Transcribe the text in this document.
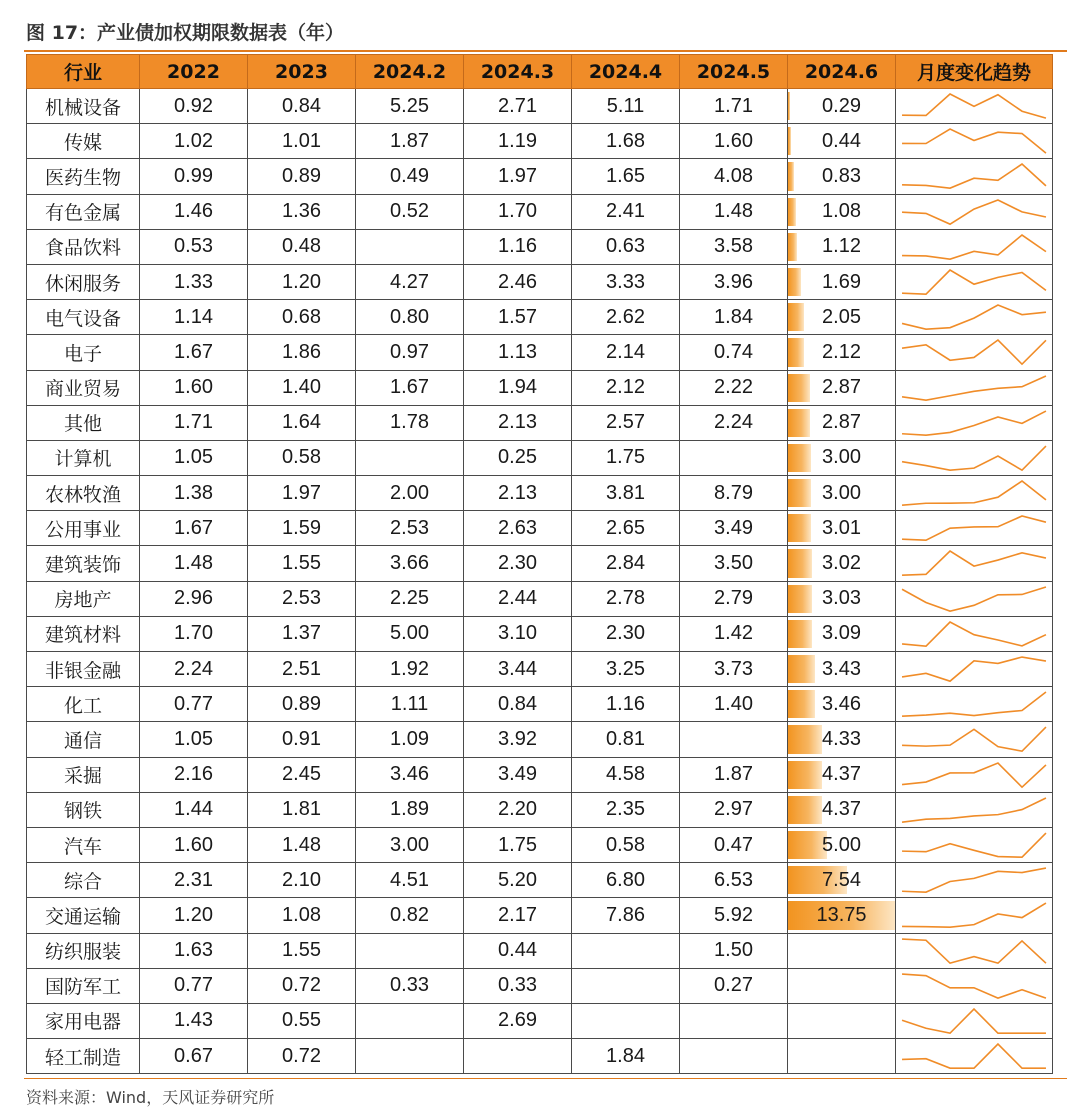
图 17：产业债加权期限数据表（年）
行业	2022	2023	2024.2	2024.3	2024.4	2024.5	2024.6	月度变化趋势
机械设备	0.92	0.84	5.25	2.71	5.11	1.71	0.29

传媒	1.02	1.01	1.87	1.19	1.68	1.60	0.44

医药生物	0.99	0.89	0.49	1.97	1.65	4.08	0.83

有色金属	1.46	1.36	0.52	1.70	2.41	1.48	1.08

食品饮料	0.53	0.48		1.16	0.63	3.58	1.12

休闲服务	1.33	1.20	4.27	2.46	3.33	3.96	1.69

电气设备	1.14	0.68	0.80	1.57	2.62	1.84	2.05

电子	1.67	1.86	0.97	1.13	2.14	0.74	2.12

商业贸易	1.60	1.40	1.67	1.94	2.12	2.22	2.87

其他	1.71	1.64	1.78	2.13	2.57	2.24	2.87

计算机	1.05	0.58		0.25	1.75		3.00

农林牧渔	1.38	1.97	2.00	2.13	3.81	8.79	3.00

公用事业	1.67	1.59	2.53	2.63	2.65	3.49	3.01

建筑装饰	1.48	1.55	3.66	2.30	2.84	3.50	3.02

房地产	2.96	2.53	2.25	2.44	2.78	2.79	3.03

建筑材料	1.70	1.37	5.00	3.10	2.30	1.42	3.09

非银金融	2.24	2.51	1.92	3.44	3.25	3.73	3.43

化工	0.77	0.89	1.11	0.84	1.16	1.40	3.46

通信	1.05	0.91	1.09	3.92	0.81		4.33

采掘	2.16	2.45	3.46	3.49	4.58	1.87	4.37

钢铁	1.44	1.81	1.89	2.20	2.35	2.97	4.37

汽车	1.60	1.48	3.00	1.75	0.58	0.47	5.00

综合	2.31	2.10	4.51	5.20	6.80	6.53	7.54

交通运输	1.20	1.08	0.82	2.17	7.86	5.92	13.75

纺织服装	1.63	1.55		0.44		1.50	

国防军工	0.77	0.72	0.33	0.33		0.27	

家用电器	1.43	0.55		2.69			

轻工制造	0.67	0.72			1.84		

资料来源：Wind，天风证券研究所
